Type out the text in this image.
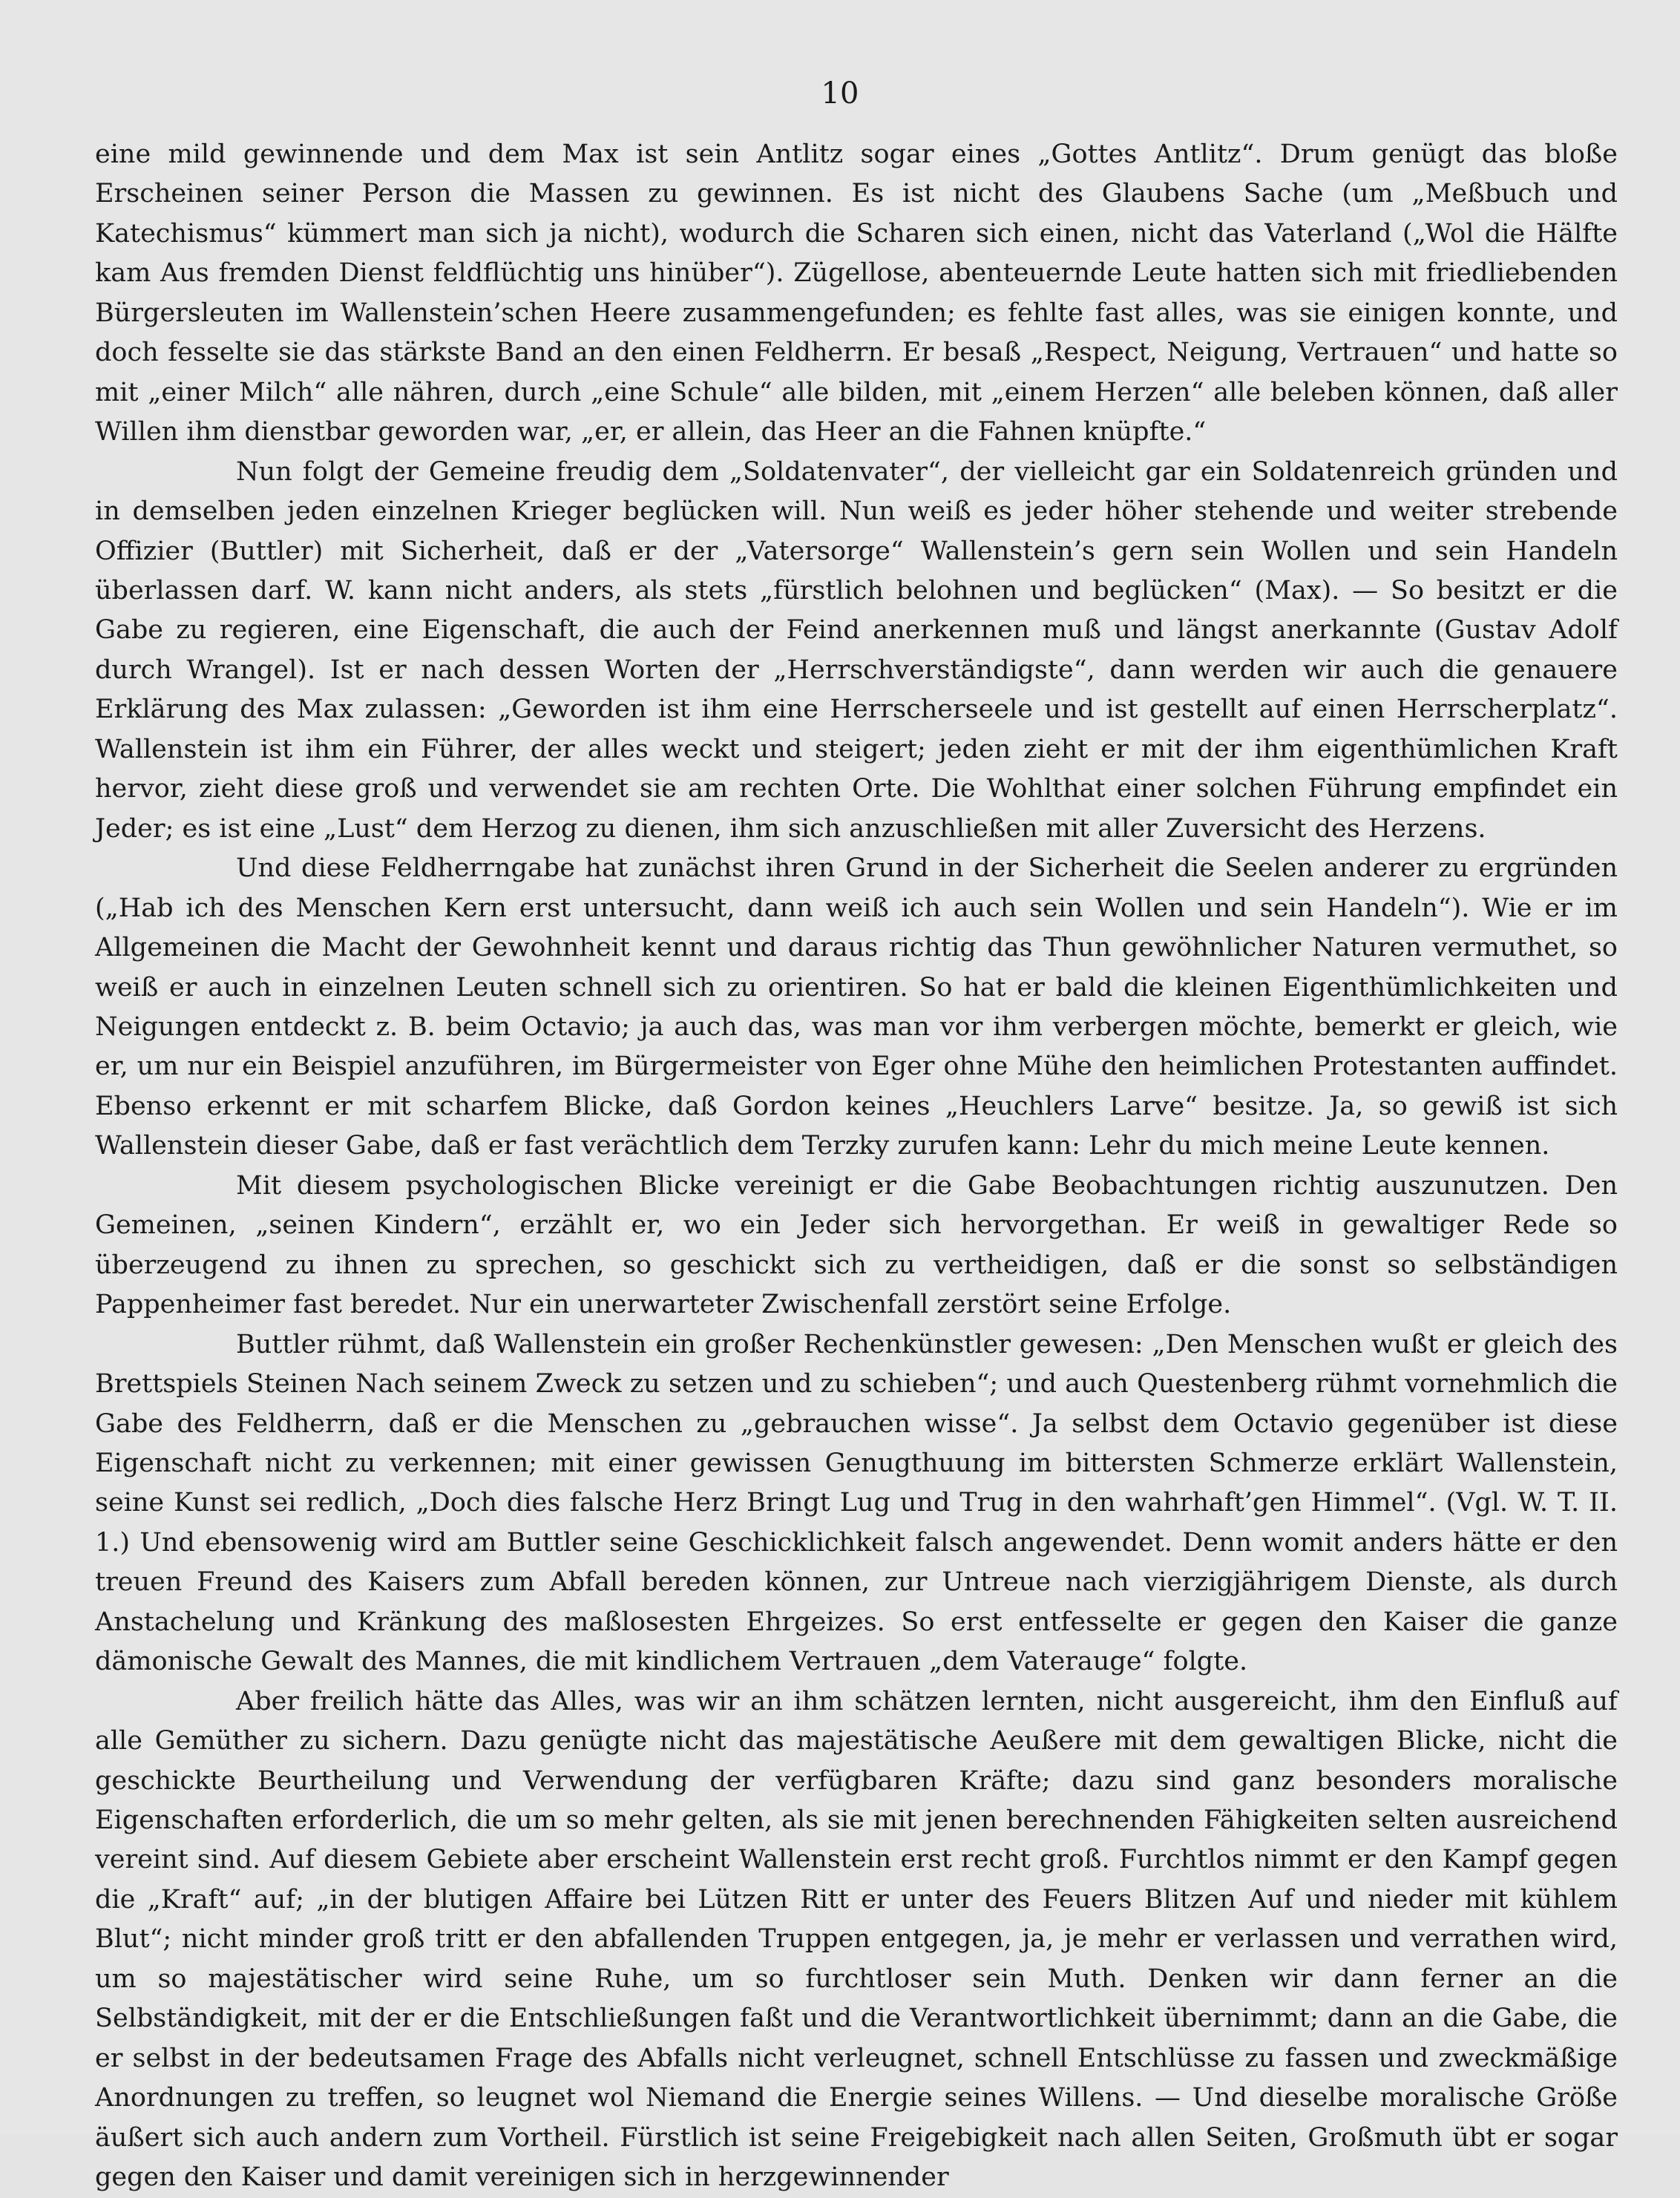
10

eine mild gewinnende und dem Max ist sein Antlitz sogar eines „Gottes Antlitz“. Drum genügt das bloße Erscheinen seiner Person die Massen zu gewinnen. Es ist nicht des Glaubens Sache (um „Meßbuch und Katechismus“ kümmert man sich ja nicht), wodurch die Scharen sich einen, nicht das Vaterland („Wol die Hälfte kam Aus fremden Dienst feldflüchtig uns hinüber“). Zügellose, abenteuernde Leute hatten sich mit friedliebenden Bürgersleuten im Wallenstein’schen Heere zusammengefunden; es fehlte fast alles, was sie einigen konnte, und doch fesselte sie das stärkste Band an den einen Feldherrn. Er besaß „Respect, Neigung, Vertrauen“ und hatte so mit „einer Milch“ alle nähren, durch „eine Schule“ alle bilden, mit „einem Herzen“ alle beleben können, daß aller Willen ihm dienstbar geworden war, „er, er allein, das Heer an die Fahnen knüpfte.“

Nun folgt der Gemeine freudig dem „Soldatenvater“, der vielleicht gar ein Soldatenreich gründen und in demselben jeden einzelnen Krieger beglücken will. Nun weiß es jeder höher stehende und weiter strebende Offizier (Buttler) mit Sicherheit, daß er der „Vatersorge“ Wallenstein’s gern sein Wollen und sein Handeln überlassen darf. W. kann nicht anders, als stets „fürstlich belohnen und beglücken“ (Max). — So besitzt er die Gabe zu regieren, eine Eigenschaft, die auch der Feind anerkennen muß und längst anerkannte (Gustav Adolf durch Wrangel). Ist er nach dessen Worten der „Herrschverständigste“, dann werden wir auch die genauere Erklärung des Max zulassen: „Geworden ist ihm eine Herrscherseele und ist gestellt auf einen Herrscherplatz“. Wallenstein ist ihm ein Führer, der alles weckt und steigert; jeden zieht er mit der ihm eigenthümlichen Kraft hervor, zieht diese groß und verwendet sie am rechten Orte. Die Wohlthat einer solchen Führung empfindet ein Jeder; es ist eine „Lust“ dem Herzog zu dienen, ihm sich anzuschließen mit aller Zuversicht des Herzens.

Und diese Feldherrngabe hat zunächst ihren Grund in der Sicherheit die Seelen anderer zu ergründen („Hab ich des Menschen Kern erst untersucht, dann weiß ich auch sein Wollen und sein Handeln“). Wie er im Allgemeinen die Macht der Gewohnheit kennt und daraus richtig das Thun gewöhnlicher Naturen vermuthet, so weiß er auch in einzelnen Leuten schnell sich zu orientiren. So hat er bald die kleinen Eigenthümlichkeiten und Neigungen entdeckt z. B. beim Octavio; ja auch das, was man vor ihm verbergen möchte, bemerkt er gleich, wie er, um nur ein Beispiel anzuführen, im Bürgermeister von Eger ohne Mühe den heimlichen Protestanten auffindet. Ebenso erkennt er mit scharfem Blicke, daß Gordon keines „Heuchlers Larve“ besitze. Ja, so gewiß ist sich Wallenstein dieser Gabe, daß er fast verächtlich dem Terzky zurufen kann: Lehr du mich meine Leute kennen.

Mit diesem psychologischen Blicke vereinigt er die Gabe Beobachtungen richtig auszunutzen. Den Gemeinen, „seinen Kindern“, erzählt er, wo ein Jeder sich hervorgethan. Er weiß in gewaltiger Rede so überzeugend zu ihnen zu sprechen, so geschickt sich zu vertheidigen, daß er die sonst so selbständigen Pappenheimer fast beredet. Nur ein unerwarteter Zwischenfall zerstört seine Erfolge.

Buttler rühmt, daß Wallenstein ein großer Rechenkünstler gewesen: „Den Menschen wußt er gleich des Brettspiels Steinen Nach seinem Zweck zu setzen und zu schieben“; und auch Questenberg rühmt vornehmlich die Gabe des Feldherrn, daß er die Menschen zu „gebrauchen wisse“. Ja selbst dem Octavio gegenüber ist diese Eigenschaft nicht zu verkennen; mit einer gewissen Genugthuung im bittersten Schmerze erklärt Wallenstein, seine Kunst sei redlich, „Doch dies falsche Herz Bringt Lug und Trug in den wahrhaft’gen Himmel“. (Vgl. W. T. II. 1.) Und ebensowenig wird am Buttler seine Geschicklichkeit falsch angewendet. Denn womit anders hätte er den treuen Freund des Kaisers zum Abfall bereden können, zur Untreue nach vierzigjährigem Dienste, als durch Anstachelung und Kränkung des maßlosesten Ehrgeizes. So erst entfesselte er gegen den Kaiser die ganze dämonische Gewalt des Mannes, die mit kindlichem Vertrauen „dem Vaterauge“ folgte.

Aber freilich hätte das Alles, was wir an ihm schätzen lernten, nicht ausgereicht, ihm den Einfluß auf alle Gemüther zu sichern. Dazu genügte nicht das majestätische Aeußere mit dem gewaltigen Blicke, nicht die geschickte Beurtheilung und Verwendung der verfügbaren Kräfte; dazu sind ganz besonders moralische Eigenschaften erforderlich, die um so mehr gelten, als sie mit jenen berechnenden Fähigkeiten selten ausreichend vereint sind. Auf diesem Gebiete aber erscheint Wallenstein erst recht groß. Furchtlos nimmt er den Kampf gegen die „Kraft“ auf; „in der blutigen Affaire bei Lützen Ritt er unter des Feuers Blitzen Auf und nieder mit kühlem Blut“; nicht minder groß tritt er den abfallenden Truppen entgegen, ja, je mehr er verlassen und verrathen wird, um so majestätischer wird seine Ruhe, um so furchtloser sein Muth. Denken wir dann ferner an die Selbständigkeit, mit der er die Entschließungen faßt und die Verantwortlichkeit übernimmt; dann an die Gabe, die er selbst in der bedeutsamen Frage des Abfalls nicht verleugnet, schnell Entschlüsse zu fassen und zweckmäßige Anordnungen zu treffen, so leugnet wol Niemand die Energie seines Willens. — Und dieselbe moralische Größe äußert sich auch andern zum Vortheil. Fürstlich ist seine Freigebigkeit nach allen Seiten, Großmuth übt er sogar gegen den Kaiser und damit vereinigen sich in herzgewinnender
